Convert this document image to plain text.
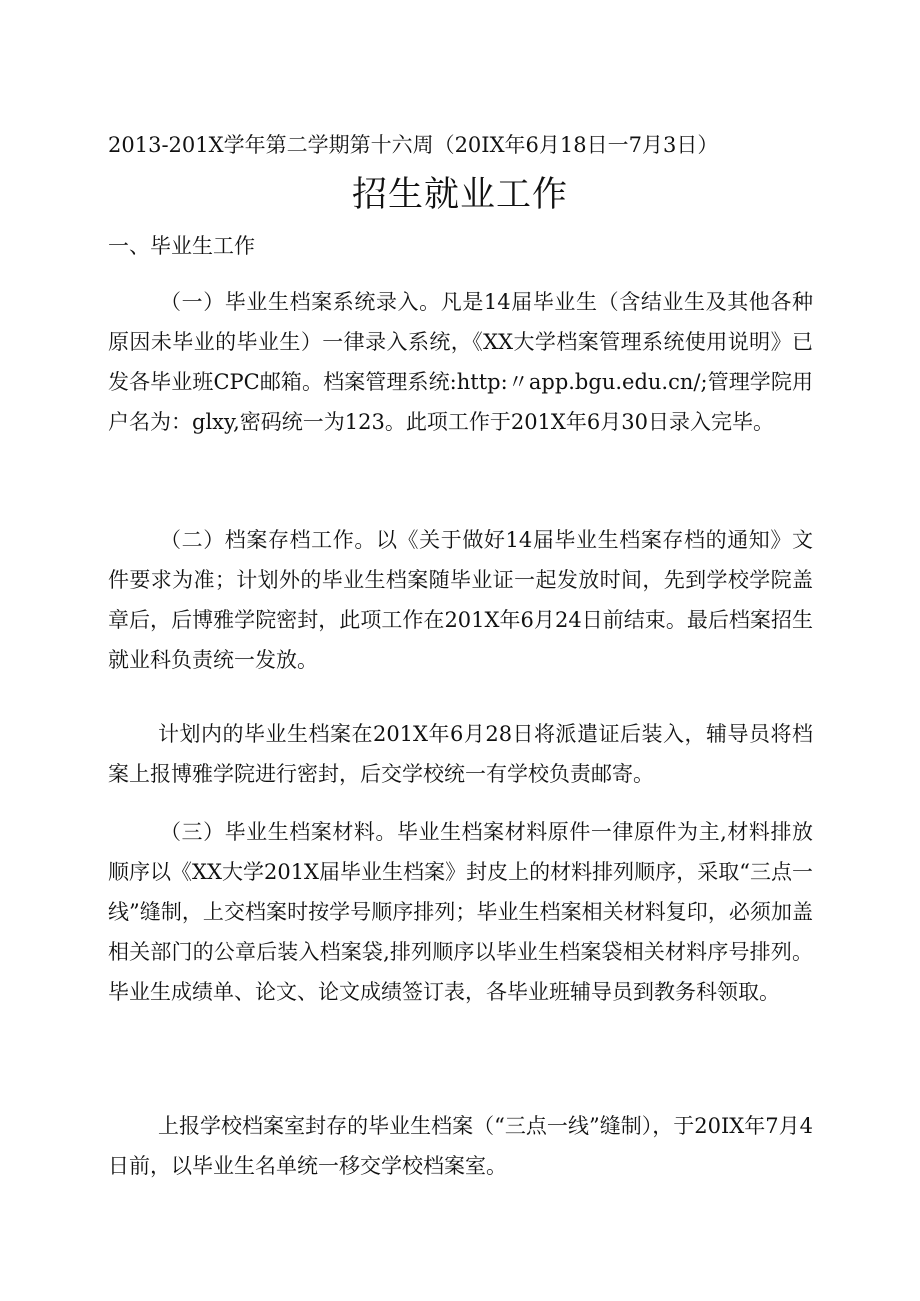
2013-201X学年第二学期第十六周（20IX年6月18日一7月3日）
招生就业工作
一、毕业生工作

（一）毕业生档案系统录入。凡是14届毕业生（含结业生及其他各种原因未毕业的毕业生）一律录入系统，《XX大学档案管理系统使用说明》已发各毕业班CPC邮箱。档案管理系统:http:〃app.bgu.edu.cn/;管理学院用户名为：glxy,密码统一为123。此项工作于201X年6月30日录入完毕。

（二）档案存档工作。以《关于做好14届毕业生档案存档的通知》文件要求为准；计划外的毕业生档案随毕业证一起发放时间，先到学校学院盖章后，后博雅学院密封，此项工作在201X年6月24日前结束。最后档案招生就业科负责统一发放。

计划内的毕业生档案在201X年6月28日将派遣证后装入，辅导员将档案上报博雅学院进行密封，后交学校统一有学校负责邮寄。

（三）毕业生档案材料。毕业生档案材料原件一律原件为主,材料排放顺序以《XX大学201X届毕业生档案》封皮上的材料排列顺序，采取“三点一线”缝制，上交档案时按学号顺序排列；毕业生档案相关材料复印，必须加盖相关部门的公章后装入档案袋,排列顺序以毕业生档案袋相关材料序号排列。毕业生成绩单、论文、论文成绩签订表，各毕业班辅导员到教务科领取。

上报学校档案室封存的毕业生档案（“三点一线”缝制），于20IX年7月4日前，以毕业生名单统一移交学校档案室。
